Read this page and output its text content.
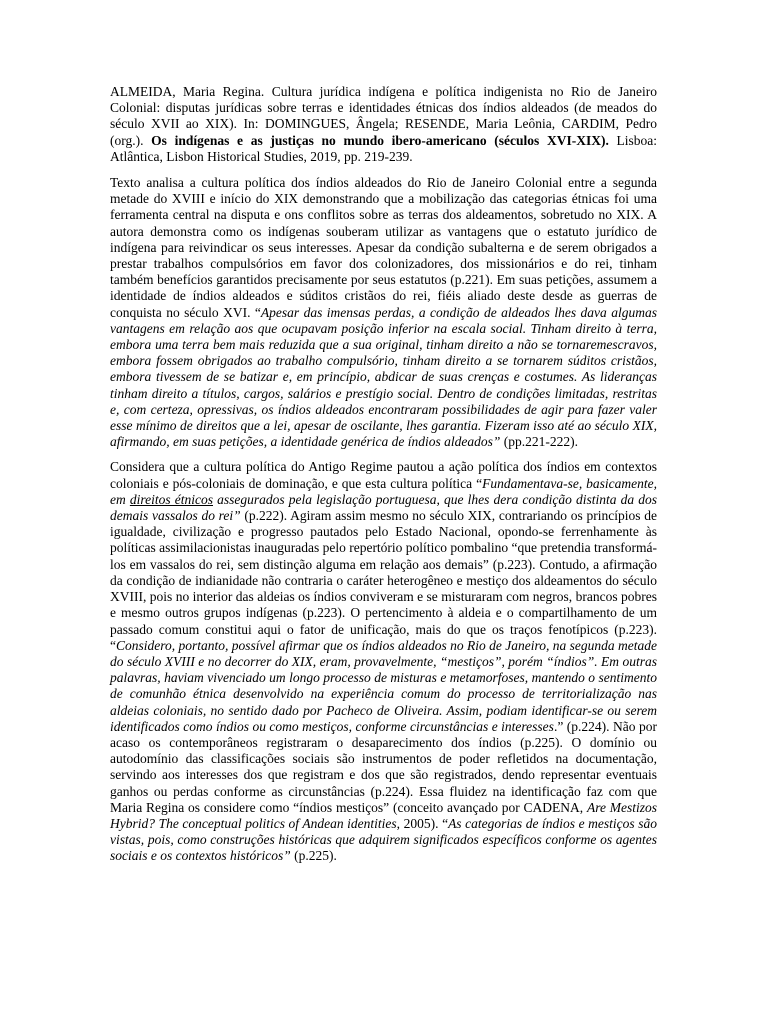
ALMEIDA, Maria Regina. Cultura jurídica indígena e política indigenista no Rio de Janeiro Colonial: disputas jurídicas sobre terras e identidades étnicas dos índios aldeados (de meados do século XVII ao XIX). In: DOMINGUES, Ângela; RESENDE, Maria Leônia, CARDIM, Pedro (org.). Os indígenas e as justiças no mundo ibero-americano (séculos XVI-XIX). Lisboa: Atlântica, Lisbon Historical Studies, 2019, pp. 219-239.

Texto analisa a cultura política dos índios aldeados do Rio de Janeiro Colonial entre a segunda metade do XVIII e início do XIX demonstrando que a mobilização das categorias étnicas foi uma ferramenta central na disputa e ons conflitos sobre as terras dos aldeamentos, sobretudo no XIX. A autora demonstra como os indígenas souberam utilizar as vantagens que o estatuto jurídico de indígena para reivindicar os seus interesses. Apesar da condição subalterna e de serem obrigados a prestar trabalhos compulsórios em favor dos colonizadores, dos missionários e do rei, tinham também benefícios garantidos precisamente por seus estatutos (p.221). Em suas petições, assumem a identidade de índios aldeados e súditos cristãos do rei, fiéis aliado deste desde as guerras de conquista no século XVI. “Apesar das imensas perdas, a condição de aldeados lhes dava algumas vantagens em relação aos que ocupavam posição inferior na escala social. Tinham direito à terra, embora uma terra bem mais reduzida que a sua original, tinham direito a não se tornaremescravos, embora fossem obrigados ao trabalho compulsório, tinham direito a se tornarem súditos cristãos, embora tivessem de se batizar e, em princípio, abdicar de suas crenças e costumes. As lideranças tinham direito a títulos, cargos, salários e prestígio social. Dentro de condições limitadas, restritas e, com certeza, opressivas, os índios aldeados encontraram possibilidades de agir para fazer valer esse mínimo de direitos que a lei, apesar de oscilante, lhes garantia. Fizeram isso até ao século XIX, afirmando, em suas petições, a identidade genérica de índios aldeados” (pp.221-222).

Considera que a cultura política do Antigo Regime pautou a ação política dos índios em contextos coloniais e pós-coloniais de dominação, e que esta cultura política “Fundamentava-se, basicamente, em direitos étnicos assegurados pela legislação portuguesa, que lhes dera condição distinta da dos demais vassalos do rei” (p.222). Agiram assim mesmo no século XIX, contrariando os princípios de igualdade, civilização e progresso pautados pelo Estado Nacional, opondo-se ferrenhamente às políticas assimilacionistas inauguradas pelo repertório político pombalino “que pretendia transformá-los em vassalos do rei, sem distinção alguma em relação aos demais” (p.223). Contudo, a afirmação da condição de indianidade não contraria o caráter heterogêneo e mestiço dos aldeamentos do século XVIII, pois no interior das aldeias os índios conviveram e se misturaram com negros, brancos pobres e mesmo outros grupos indígenas (p.223). O pertencimento à aldeia e o compartilhamento de um passado comum constitui aqui o fator de unificação, mais do que os traços fenotípicos (p.223). “Considero, portanto, possível afirmar que os índios aldeados no Rio de Janeiro, na segunda metade do século XVIII e no decorrer do XIX, eram, provavelmente, “mestiços”, porém “índios”. Em outras palavras, haviam vivenciado um longo processo de misturas e metamorfoses, mantendo o sentimento de comunhão étnica desenvolvido na experiência comum do processo de territorialização nas aldeias coloniais, no sentido dado por Pacheco de Oliveira. Assim, podiam identificar-se ou serem identificados como índios ou como mestiços, conforme circunstâncias e interesses.” (p.224). Não por acaso os contemporâneos registraram o desaparecimento dos índios (p.225). O domínio ou autodomínio das classificações sociais são instrumentos de poder refletidos na documentação, servindo aos interesses dos que registram e dos que são registrados, dendo representar eventuais ganhos ou perdas conforme as circunstâncias (p.224). Essa fluidez na identificação faz com que Maria Regina os considere como “índios mestiços” (conceito avançado por CADENA, Are Mestizos Hybrid? The conceptual politics of Andean identities, 2005). “As categorias de índios e mestiços são vistas, pois, como construções históricas que adquirem significados específicos conforme os agentes sociais e os contextos históricos” (p.225).
